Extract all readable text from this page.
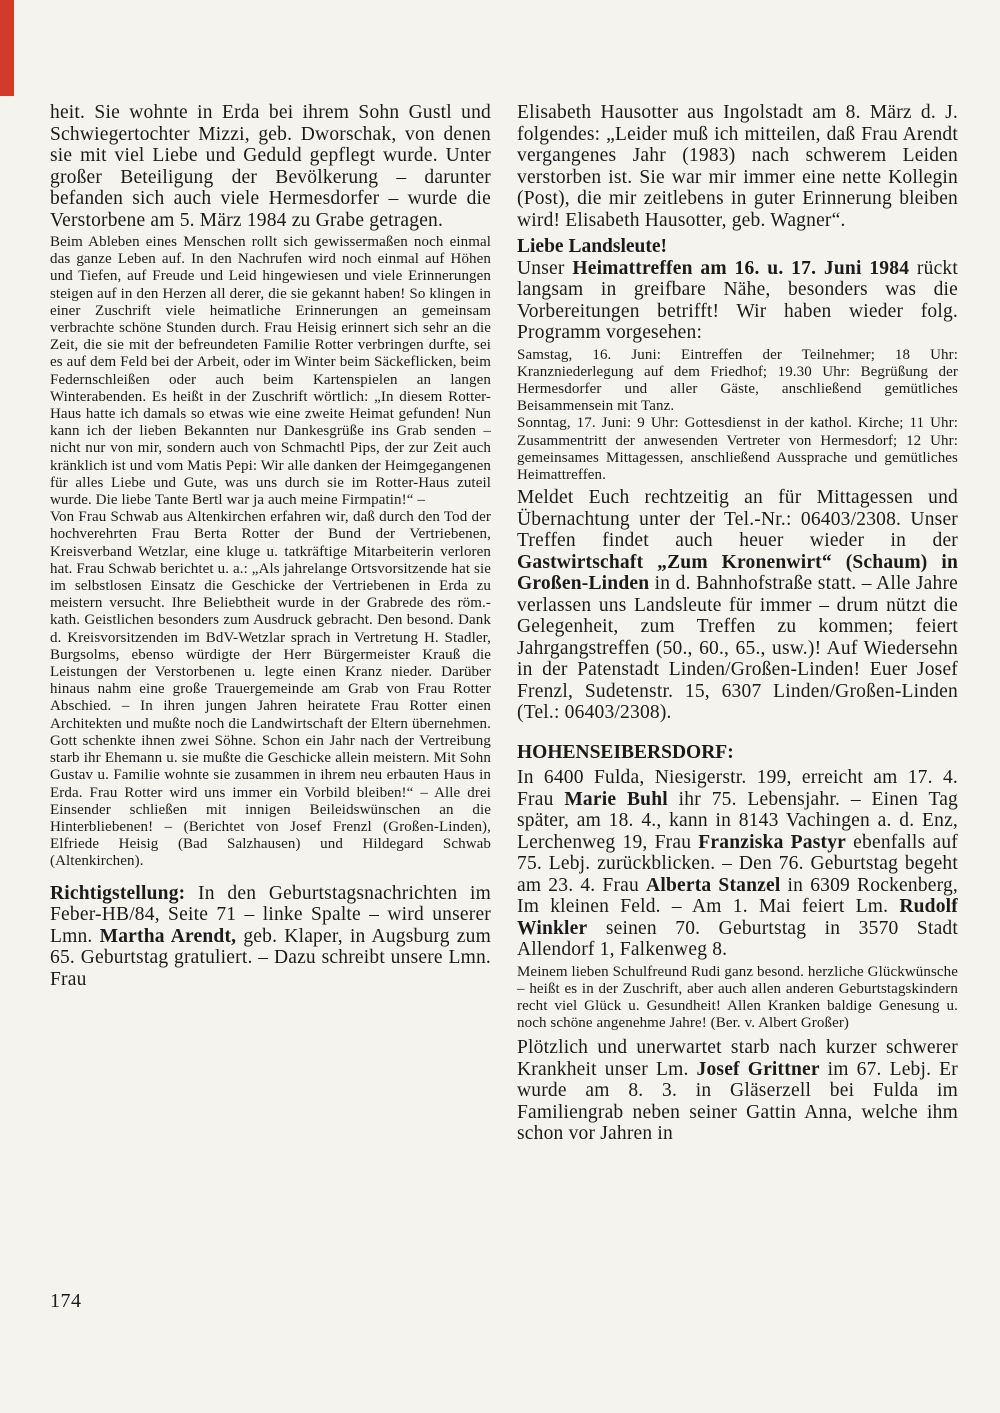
heit. Sie wohnte in Erda bei ihrem Sohn Gustl und Schwiegertochter Mizzi, geb. Dworschak, von denen sie mit viel Liebe und Geduld gepflegt wurde. Unter großer Beteiligung der Bevölkerung – darunter befanden sich auch viele Hermesdorfer – wurde die Verstorbene am 5. März 1984 zu Grabe getragen.

Beim Ableben eines Menschen rollt sich gewissermaßen noch einmal das ganze Leben auf. In den Nachrufen wird noch einmal auf Höhen und Tiefen, auf Freude und Leid hingewiesen und viele Erinnerungen steigen auf in den Herzen all derer, die sie gekannt haben! So klingen in einer Zuschrift viele heimatliche Erinnerungen an gemeinsam verbrachte schöne Stunden durch. Frau Heisig erinnert sich sehr an die Zeit, die sie mit der befreundeten Familie Rotter verbringen durfte, sei es auf dem Feld bei der Arbeit, oder im Winter beim Säckeflicken, beim Federnschleißen oder auch beim Kartenspielen an langen Winterabenden. Es heißt in der Zuschrift wörtlich: „In diesem Rotter-Haus hatte ich damals so etwas wie eine zweite Heimat gefunden! Nun kann ich der lieben Bekannten nur Dankesgrüße ins Grab senden – nicht nur von mir, sondern auch von Schmachtl Pips, der zur Zeit auch kränklich ist und vom Matis Pepi: Wir alle danken der Heimgegangenen für alles Liebe und Gute, was uns durch sie im Rotter-Haus zuteil wurde. Die liebe Tante Bertl war ja auch meine Firmpatin!“ –

Von Frau Schwab aus Altenkirchen erfahren wir, daß durch den Tod der hochverehrten Frau Berta Rotter der Bund der Vertriebenen, Kreisverband Wetzlar, eine kluge u. tatkräftige Mitarbeiterin verloren hat. Frau Schwab berichtet u. a.: „Als jahrelange Ortsvorsitzende hat sie im selbstlosen Einsatz die Geschicke der Vertriebenen in Erda zu meistern versucht. Ihre Beliebtheit wurde in der Grabrede des röm.-kath. Geistlichen besonders zum Ausdruck gebracht. Den besond. Dank d. Kreisvorsitzenden im BdV-Wetzlar sprach in Vertretung H. Stadler, Burgsolms, ebenso würdigte der Herr Bürgermeister Krauß die Leistungen der Verstorbenen u. legte einen Kranz nieder. Darüber hinaus nahm eine große Trauergemeinde am Grab von Frau Rotter Abschied. – In ihren jungen Jahren heiratete Frau Rotter einen Architekten und mußte noch die Landwirtschaft der Eltern übernehmen. Gott schenkte ihnen zwei Söhne. Schon ein Jahr nach der Vertreibung starb ihr Ehemann u. sie mußte die Geschicke allein meistern. Mit Sohn Gustav u. Familie wohnte sie zusammen in ihrem neu erbauten Haus in Erda. Frau Rotter wird uns immer ein Vorbild bleiben!“ – Alle drei Einsender schließen mit innigen Beileidswünschen an die Hinterbliebenen! – (Berichtet von Josef Frenzl (Großen-Linden), Elfriede Heisig (Bad Salzhausen) und Hildegard Schwab (Altenkirchen).

Richtigstellung: In den Geburtstagsnachrichten im Feber-HB/84, Seite 71 – linke Spalte – wird unserer Lmn. Martha Arendt, geb. Klaper, in Augsburg zum 65. Geburtstag gratuliert. – Dazu schreibt unsere Lmn. Frau

Elisabeth Hausotter aus Ingolstadt am 8. März d. J. folgendes: „Leider muß ich mitteilen, daß Frau Arendt vergangenes Jahr (1983) nach schwerem Leiden verstorben ist. Sie war mir immer eine nette Kollegin (Post), die mir zeitlebens in guter Erinnerung bleiben wird! Elisabeth Hausotter, geb. Wagner“.

Liebe Landsleute!

Unser Heimattreffen am 16. u. 17. Juni 1984 rückt langsam in greifbare Nähe, besonders was die Vorbereitungen betrifft! Wir haben wieder folg. Programm vorgesehen:

Samstag, 16. Juni: Eintreffen der Teilnehmer; 18 Uhr: Kranzniederlegung auf dem Friedhof; 19.30 Uhr: Begrüßung der Hermesdorfer und aller Gäste, anschließend gemütliches Beisammensein mit Tanz.

Sonntag, 17. Juni: 9 Uhr: Gottesdienst in der kathol. Kirche; 11 Uhr: Zusammentritt der anwesenden Vertreter von Hermesdorf; 12 Uhr: gemeinsames Mittagessen, anschließend Aussprache und gemütliches Heimattreffen.

Meldet Euch rechtzeitig an für Mittagessen und Übernachtung unter der Tel.-Nr.: 06403/2308. Unser Treffen findet auch heuer wieder in der Gastwirtschaft „Zum Kronenwirt“ (Schaum) in Großen-Linden in d. Bahnhofstraße statt. – Alle Jahre verlassen uns Landsleute für immer – drum nützt die Gelegenheit, zum Treffen zu kommen; feiert Jahrgangstreffen (50., 60., 65., usw.)! Auf Wiedersehn in der Patenstadt Linden/Großen-Linden! Euer Josef Frenzl, Sudetenstr. 15, 6307 Linden/Großen-Linden (Tel.: 06403/2308).

HOHENSEIBERSDORF:

In 6400 Fulda, Niesigerstr. 199, erreicht am 17. 4. Frau Marie Buhl ihr 75. Lebensjahr. – Einen Tag später, am 18. 4., kann in 8143 Vachingen a. d. Enz, Lerchenweg 19, Frau Franziska Pastyr ebenfalls auf 75. Lebj. zurückblicken. – Den 76. Geburtstag begeht am 23. 4. Frau Alberta Stanzel in 6309 Rockenberg, Im kleinen Feld. – Am 1. Mai feiert Lm. Rudolf Winkler seinen 70. Geburtstag in 3570 Stadt Allendorf 1, Falkenweg 8.

Meinem lieben Schulfreund Rudi ganz besond. herzliche Glückwünsche – heißt es in der Zuschrift, aber auch allen anderen Geburtstagskindern recht viel Glück u. Gesundheit! Allen Kranken baldige Genesung u. noch schöne angenehme Jahre! (Ber. v. Albert Großer)

Plötzlich und unerwartet starb nach kurzer schwerer Krankheit unser Lm. Josef Grittner im 67. Lebj. Er wurde am 8. 3. in Gläserzell bei Fulda im Familiengrab neben seiner Gattin Anna, welche ihm schon vor Jahren in

174
